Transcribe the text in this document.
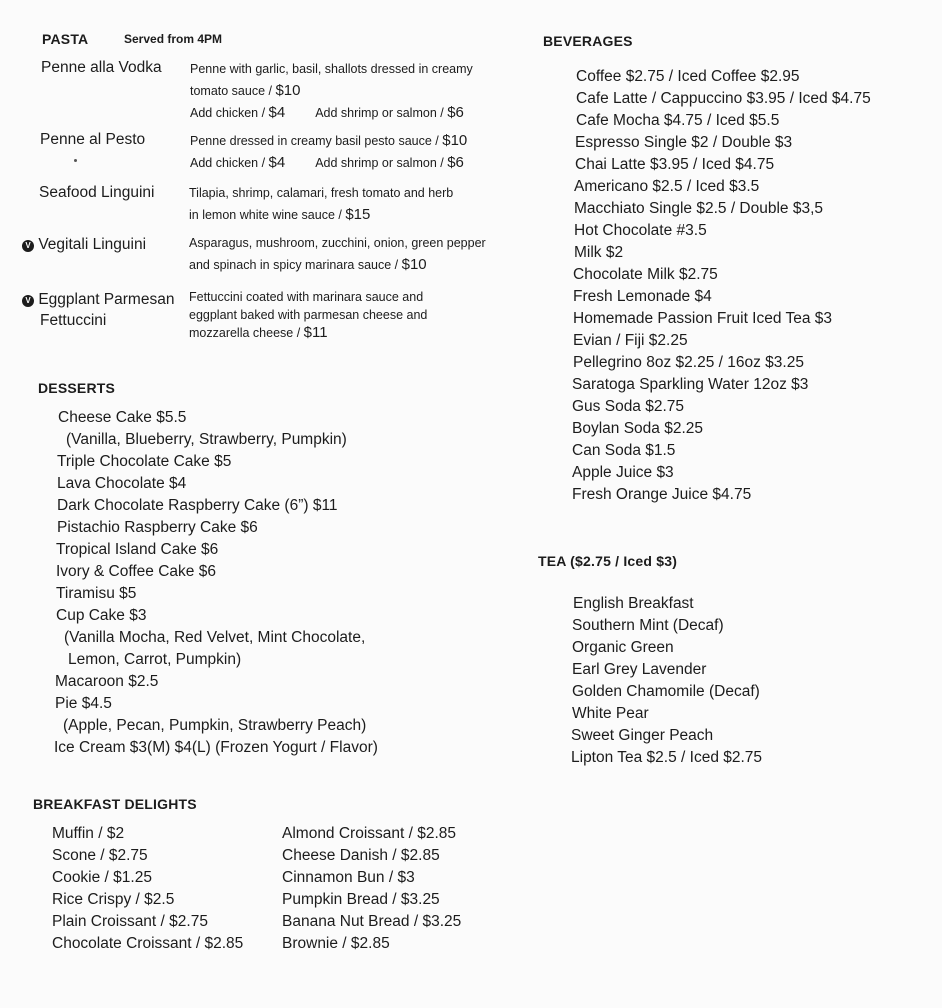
PASTA	Served from 4PM
Penne alla Vodka Penne with garlic, basil, shallots dressed in creamy
tomato sauce / $10
Add chicken / $4 Add shrimp or salmon / $6
Penne al Pesto	Penne dressed in creamy basil pesto sauce / $10
Add chicken / $4 Add shrimp or salmon / $6
Seafood Linguini	Tilapia, shrimp, calamari, fresh tomato and herb
in lemon white wine sauce / $15
V Vegitali Linguini	Asparagus, mushroom, zucchini, onion, green pepper
and spinach in spicy marinara sauce / $10
V Eggplant Parmesan
Fettuccini
Fettuccini coated with marinara sauce and
eggplant baked with parmesan cheese and
mozzarella cheese / $11
DESSERTS
Cheese Cake $5.5
(Vanilla, Blueberry, Strawberry, Pumpkin)
Triple Chocolate Cake $5
Lava Chocolate $4
Dark Chocolate Raspberry Cake (6”) $11
Pistachio Raspberry Cake $6
Tropical Island Cake $6
Ivory & Coffee Cake $6
Tiramisu $5
Cup Cake $3
(Vanilla Mocha, Red Velvet, Mint Chocolate,
Lemon, Carrot, Pumpkin)
Macaroon $2.5
Pie $4.5
(Apple, Pecan, Pumpkin, Strawberry Peach)
Ice Cream $3(M) $4(L) (Frozen Yogurt / Flavor)
BREAKFAST DELIGHTS
Muffin / $2
Scone / $2.75
Cookie / $1.25
Rice Crispy / $2.5
Plain Croissant / $2.75
Chocolate Croissant / $2.85
Almond Croissant / $2.85
Cheese Danish / $2.85
Cinnamon Bun / $3
Pumpkin Bread / $3.25
Banana Nut Bread / $3.25
Brownie / $2.85
BEVERAGES
Coffee $2.75 / Iced Coffee $2.95
Cafe Latte / Cappuccino $3.95 / Iced $4.75
Cafe Mocha $4.75 / Iced $5.5
Espresso Single $2 / Double $3
Chai Latte $3.95 / Iced $4.75
Americano $2.5 / Iced $3.5
Macchiato Single $2.5 / Double $3,5
Hot Chocolate #3.5
Milk $2
Chocolate Milk $2.75
Fresh Lemonade $4
Homemade Passion Fruit Iced Tea $3
Evian / Fiji $2.25
Pellegrino 8oz $2.25 / 16oz $3.25
Saratoga Sparkling Water 12oz $3
Gus Soda $2.75
Boylan Soda $2.25
Can Soda $1.5
Apple Juice $3
Fresh Orange Juice $4.75
TEA ($2.75 / Iced $3)
English Breakfast
Southern Mint (Decaf)
Organic Green
Earl Grey Lavender
Golden Chamomile (Decaf)
White Pear
Sweet Ginger Peach
Lipton Tea $2.5 / Iced $2.75
